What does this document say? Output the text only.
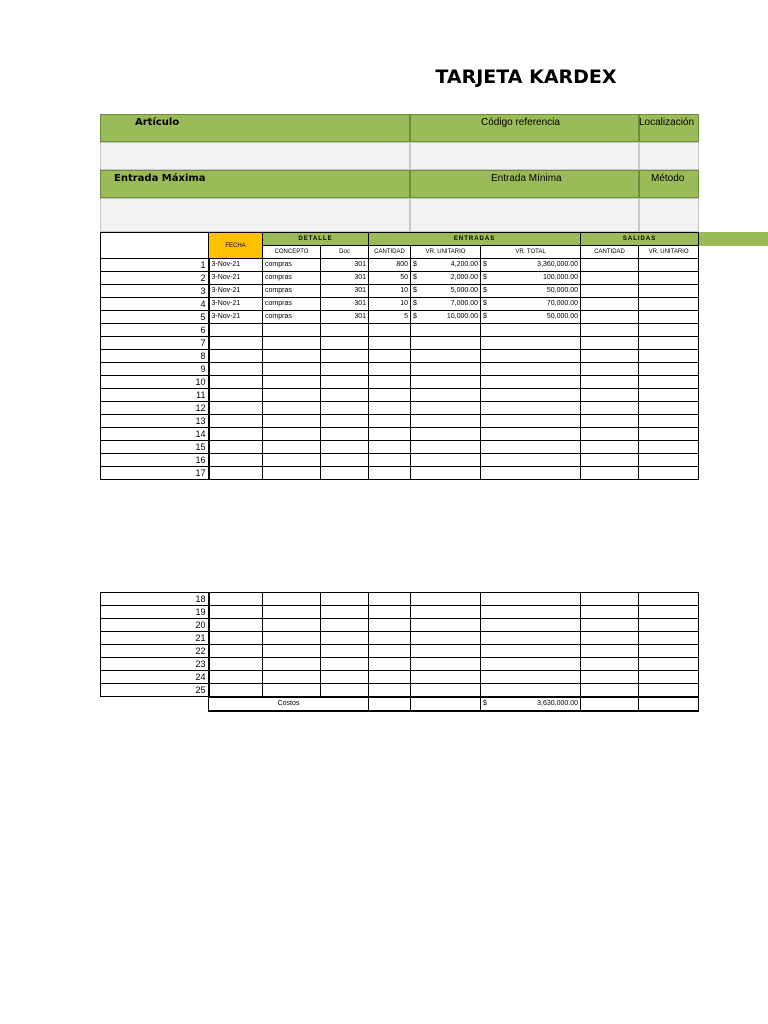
TARJETA KARDEX
Artículo	Código referencia	Localización
Entrada Máxima	Entrada Mínima	Método
	FECHA	DETALLE		ENTRADAS			SALIDAS	
		CONCEPTO	Doc	CANTIDAD	VR. UNITARIO	VR. TOTAL	CANTIDAD	VR. UNITARIO
1	3-Nov-21	compras	301	800	$ 4,200.00	$ 3,360,000.00		

2	3-Nov-21	compras	301	50	$ 2,000.00	$ 100,000.00		

3	3-Nov-21	compras	301	10	$ 5,000.00	$ 50,000.00		

4	3-Nov-21	compras	301	10	$ 7,000.00	$ 70,000.00		

5	3-Nov-21	compras	301	5	$ 10,000.00	$ 50,000.00		

6					

7					

8					

9					

10					

11					

12					

13					

14					

15					

16					

17					

18					

19					

20					

21					

22					

23					

24					

25					

	Costos					$ 3,630,000.00		
